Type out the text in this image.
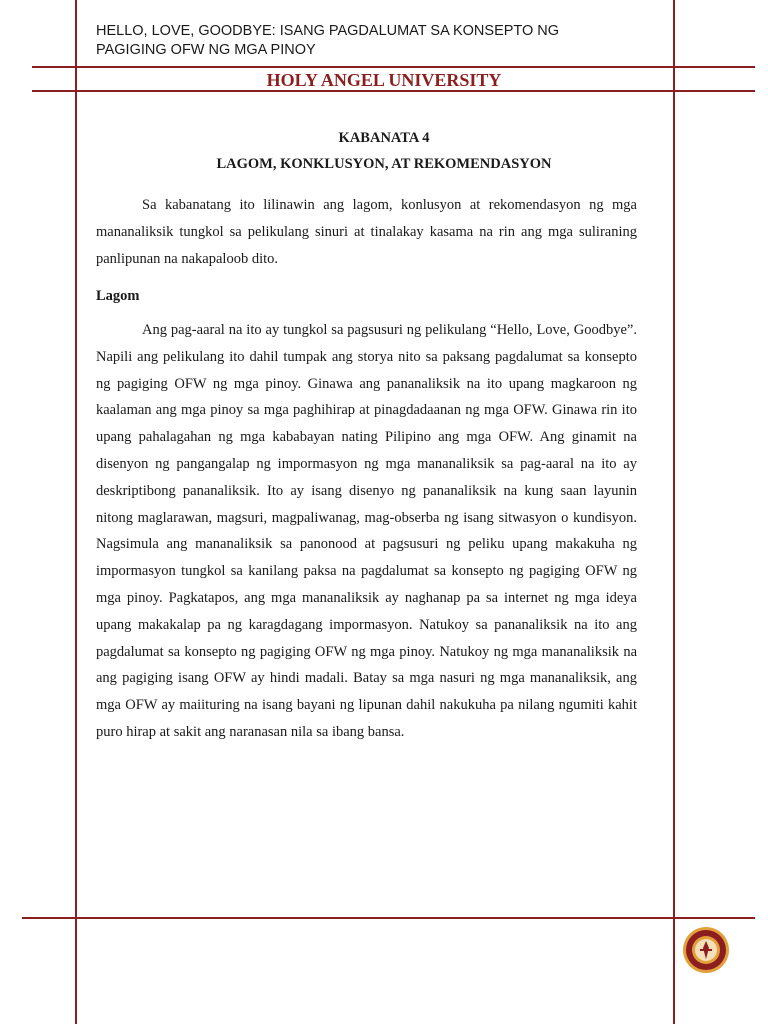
HELLO, LOVE, GOODBYE: ISANG PAGDALUMAT SA KONSEPTO NG PAGIGING OFW NG MGA PINOY
HOLY ANGEL UNIVERSITY
KABANATA 4
LAGOM, KONKLUSYON, AT REKOMENDASYON

Sa kabanatang ito lilinawin ang lagom, konlusyon at rekomendasyon ng mga mananaliksik tungkol sa pelikulang sinuri at tinalakay kasama na rin ang mga suliraning panlipunan na nakapaloob dito.

Lagom

Ang pag-aaral na ito ay tungkol sa pagsusuri ng pelikulang “Hello, Love, Goodbye”. Napili ang pelikulang ito dahil tumpak ang storya nito sa paksang pagdalumat sa konsepto ng pagiging OFW ng mga pinoy. Ginawa ang pananaliksik na ito upang magkaroon ng kaalaman ang mga pinoy sa mga paghihirap at pinagdadaanan ng mga OFW. Ginawa rin ito upang pahalagahan ng mga kababayan nating Pilipino ang mga OFW. Ang ginamit na disenyon ng pangangalap ng impormasyon ng mga mananaliksik sa pag-aaral na ito ay deskriptibong pananaliksik. Ito ay isang disenyo ng pananaliksik na kung saan layunin nitong maglarawan, magsuri, magpaliwanag, mag-obserba ng isang sitwasyon o kundisyon. Nagsimula ang mananaliksik sa panonood at pagsusuri ng peliku upang makakuha ng impormasyon tungkol sa kanilang paksa na pagdalumat sa konsepto ng pagiging OFW ng mga pinoy. Pagkatapos, ang mga mananaliksik ay naghanap pa sa internet ng mga ideya upang makakalap pa ng karagdagang impormasyon. Natukoy sa pananaliksik na ito ang pagdalumat sa konsepto ng pagiging OFW ng mga pinoy. Natukoy ng mga mananaliksik na ang pagiging isang OFW ay hindi madali. Batay sa mga nasuri ng mga mananaliksik, ang mga OFW ay maiituring na isang bayani ng lipunan dahil nakukuha pa nilang ngumiti kahit puro hirap at sakit ang naranasan nila sa ibang bansa.
